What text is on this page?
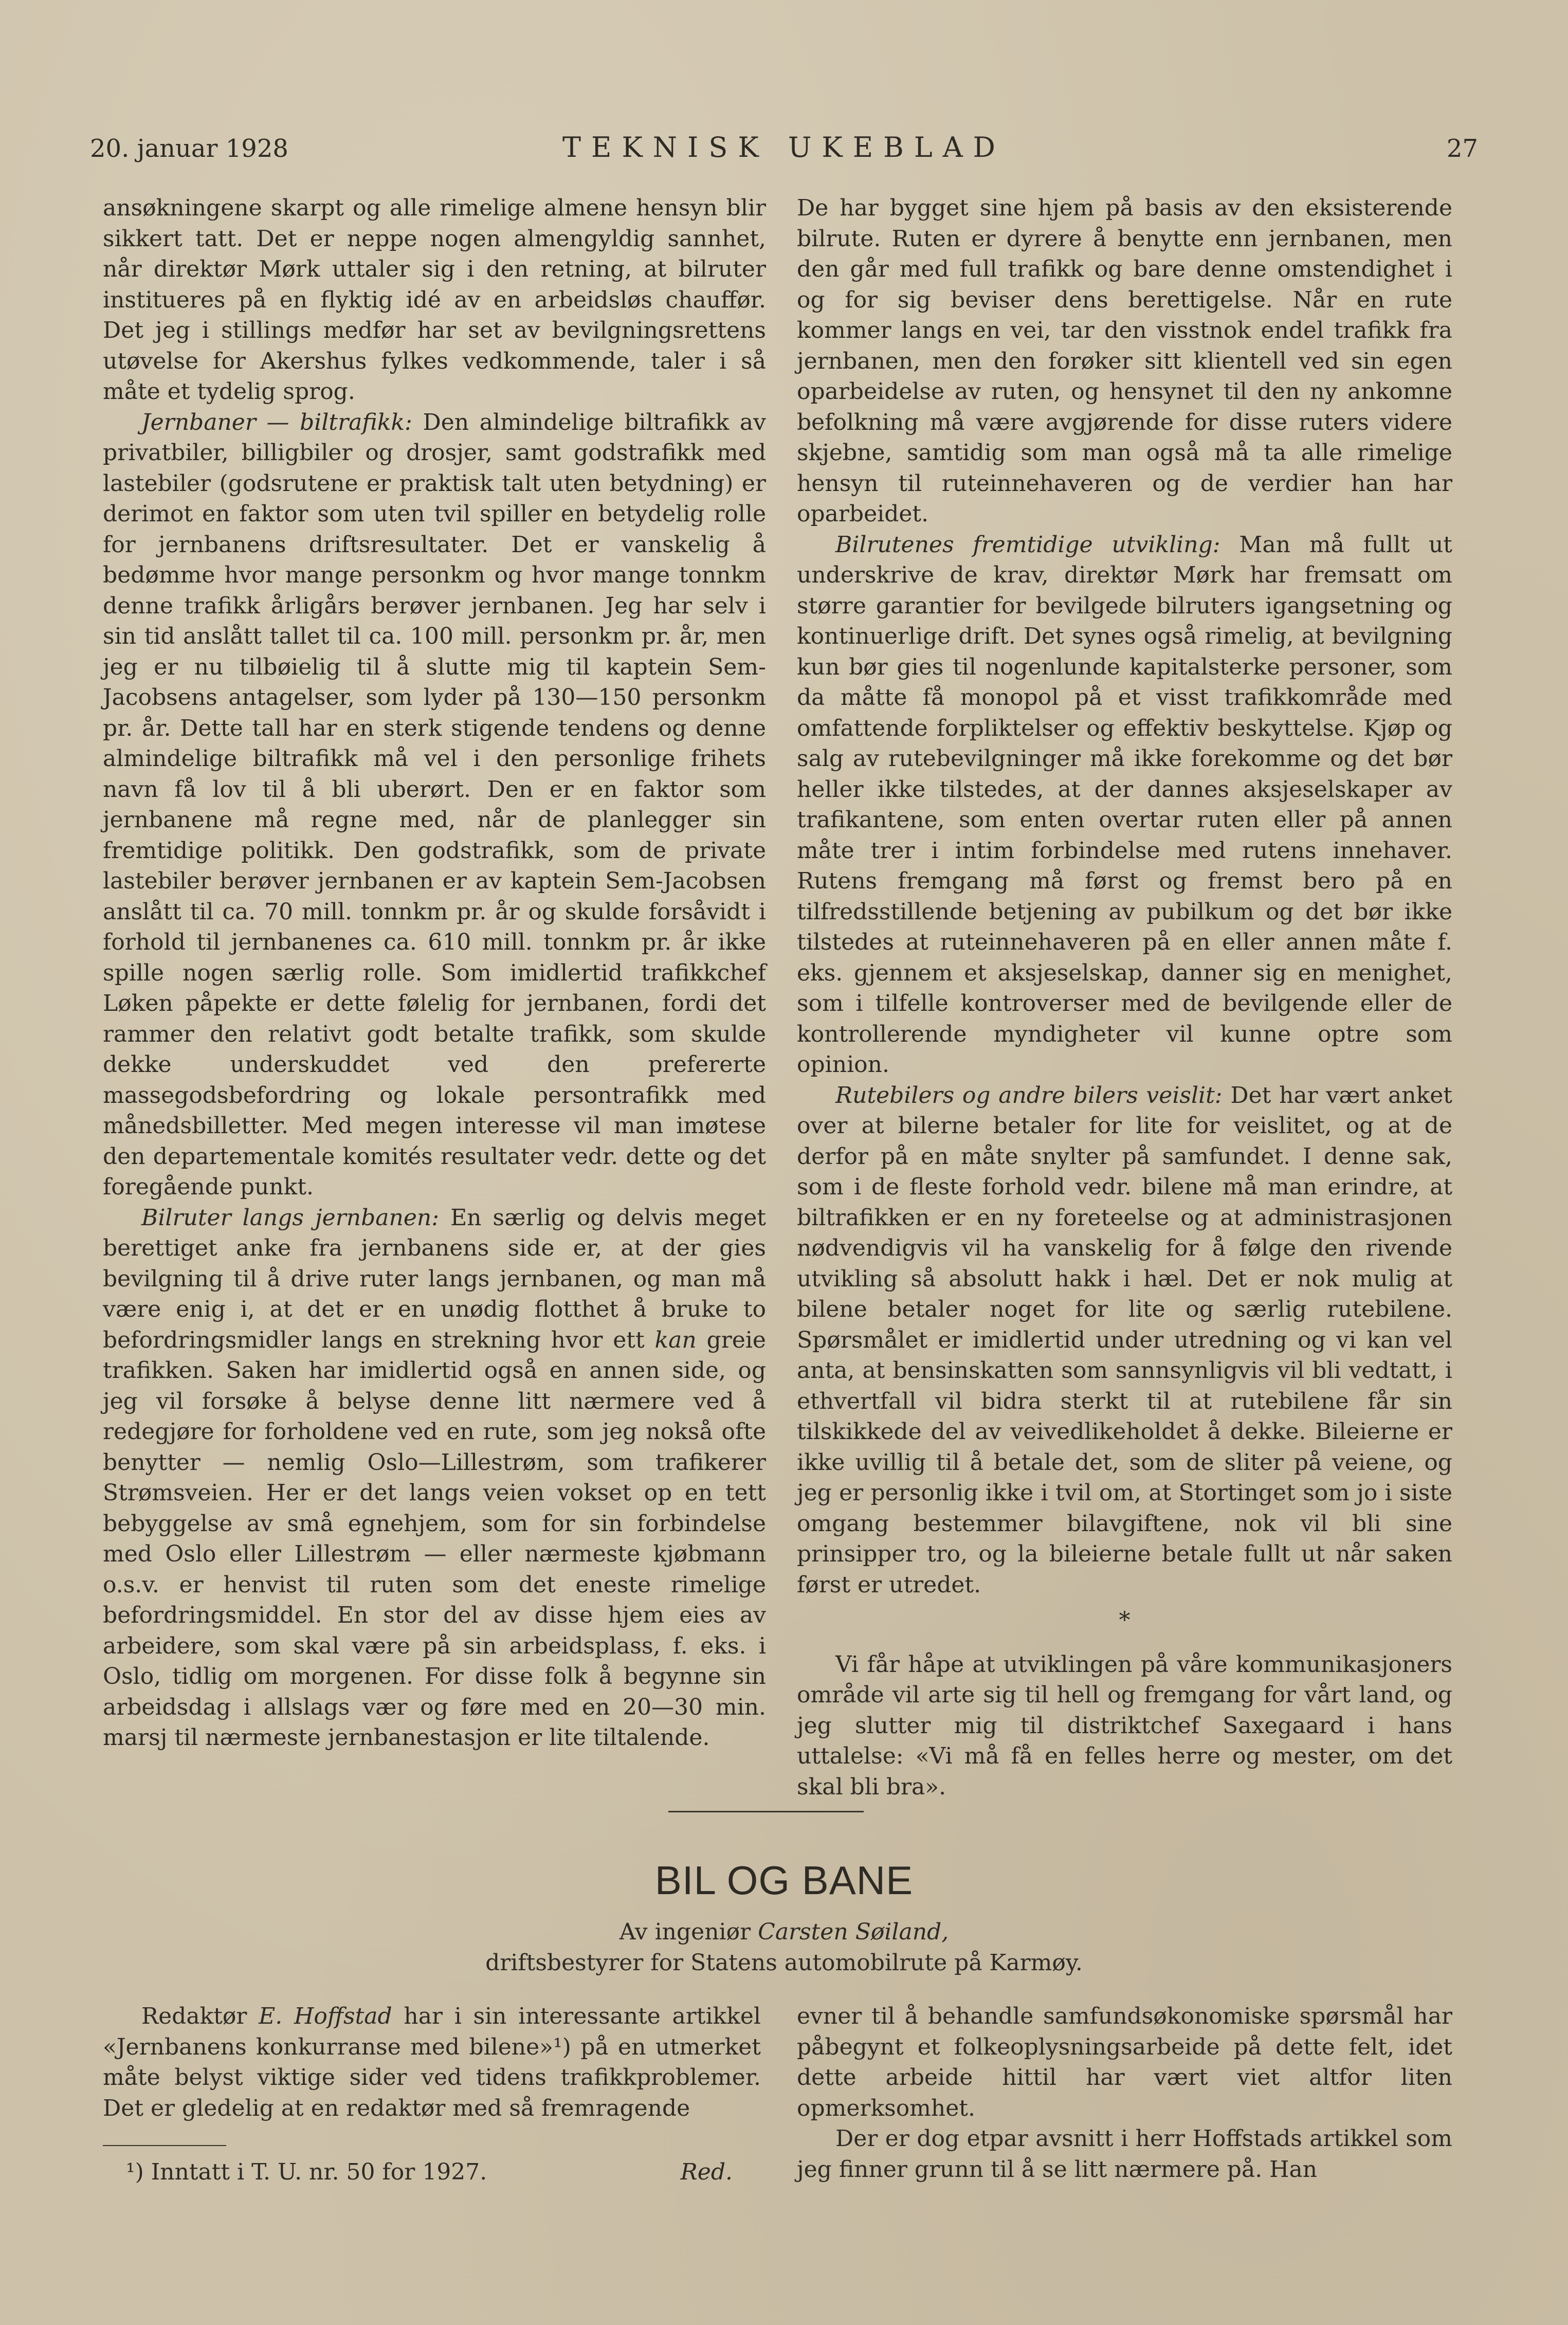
20. januar 1928	TEKNISK UKEBLAD	27

ansøkningene skarpt og alle rimelige almene hensyn blir sikkert tatt. Det er neppe nogen almengyldig sannhet, når direktør Mørk uttaler sig i den retning, at bilruter institueres på en flyktig idé av en arbeidsløs chauffør. Det jeg i stillings medfør har set av bevilgningsrettens utøvelse for Akershus fylkes vedkommende, taler i så måte et tydelig sprog.

Jernbaner — biltrafikk: Den almindelige biltrafikk av privatbiler, billigbiler og drosjer, samt godstrafikk med lastebiler (godsrutene er praktisk talt uten betydning) er derimot en faktor som uten tvil spiller en betydelig rolle for jernbanens driftsresultater. Det er vanskelig å bedømme hvor mange personkm og hvor mange tonnkm denne trafikk årligårs berøver jernbanen. Jeg har selv i sin tid anslått tallet til ca. 100 mill. personkm pr. år, men jeg er nu tilbøielig til å slutte mig til kaptein Sem-Jacobsens antagelser, som lyder på 130—150 personkm pr. år. Dette tall har en sterk stigende tendens og denne almindelige biltrafikk må vel i den personlige frihets navn få lov til å bli uberørt. Den er en faktor som jernbanene må regne med, når de planlegger sin fremtidige politikk. Den godstrafikk, som de private lastebiler berøver jernbanen er av kaptein Sem-Jacobsen anslått til ca. 70 mill. tonnkm pr. år og skulde forsåvidt i forhold til jernbanenes ca. 610 mill. tonnkm pr. år ikke spille nogen særlig rolle. Som imidlertid trafikkchef Løken påpekte er dette følelig for jernbanen, fordi det rammer den relativt godt betalte trafikk, som skulde dekke underskuddet ved den prefererte massegodsbefordring og lokale persontrafikk med månedsbilletter. Med megen interesse vil man imøtese den departementale komités resultater vedr. dette og det foregående punkt.

Bilruter langs jernbanen: En særlig og delvis meget berettiget anke fra jernbanens side er, at der gies bevilgning til å drive ruter langs jernbanen, og man må være enig i, at det er en unødig flotthet å bruke to befordringsmidler langs en strekning hvor ett kan greie trafikken. Saken har imidlertid også en annen side, og jeg vil forsøke å belyse denne litt nærmere ved å redegjøre for forholdene ved en rute, som jeg nokså ofte benytter — nemlig Oslo—Lillestrøm, som trafikerer Strømsveien. Her er det langs veien vokset op en tett bebyggelse av små egnehjem, som for sin forbindelse med Oslo eller Lillestrøm — eller nærmeste kjøbmann o.s.v. er henvist til ruten som det eneste rimelige befordringsmiddel. En stor del av disse hjem eies av arbeidere, som skal være på sin arbeidsplass, f. eks. i Oslo, tidlig om morgenen. For disse folk å begynne sin arbeidsdag i allslags vær og føre med en 20—30 min. marsj til nærmeste jernbanestasjon er lite tiltalende.

De har bygget sine hjem på basis av den eksisterende bilrute. Ruten er dyrere å benytte enn jernbanen, men den går med full trafikk og bare denne omstendighet i og for sig beviser dens berettigelse. Når en rute kommer langs en vei, tar den visstnok endel trafikk fra jernbanen, men den forøker sitt klientell ved sin egen oparbeidelse av ruten, og hensynet til den ny ankomne befolkning må være avgjørende for disse ruters videre skjebne, samtidig som man også må ta alle rimelige hensyn til ruteinnehaveren og de verdier han har oparbeidet.

Bilrutenes fremtidige utvikling: Man må fullt ut underskrive de krav, direktør Mørk har fremsatt om større garantier for bevilgede bilruters igangsetning og kontinuerlige drift. Det synes også rimelig, at bevilgning kun bør gies til nogenlunde kapitalsterke personer, som da måtte få monopol på et visst trafikkområde med omfattende forpliktelser og effektiv beskyttelse. Kjøp og salg av rutebevilgninger må ikke forekomme og det bør heller ikke tilstedes, at der dannes aksjeselskaper av trafikantene, som enten overtar ruten eller på annen måte trer i intim forbindelse med rutens innehaver. Rutens fremgang må først og fremst bero på en tilfredsstillende betjening av pubilkum og det bør ikke tilstedes at ruteinnehaveren på en eller annen måte f. eks. gjennem et aksjeselskap, danner sig en menighet, som i tilfelle kontroverser med de bevilgende eller de kontrollerende myndigheter vil kunne optre som opinion.

Rutebilers og andre bilers veislit: Det har vært anket over at bilerne betaler for lite for veislitet, og at de derfor på en måte snylter på samfundet. I denne sak, som i de fleste forhold vedr. bilene må man erindre, at biltrafikken er en ny foreteelse og at administrasjonen nødvendigvis vil ha vanskelig for å følge den rivende utvikling så absolutt hakk i hæl. Det er nok mulig at bilene betaler noget for lite og særlig rutebilene. Spørsmålet er imidlertid under utredning og vi kan vel anta, at bensinskatten som sannsynligvis vil bli vedtatt, i ethvertfall vil bidra sterkt til at rutebilene får sin tilskikkede del av veivedlikeholdet å dekke. Bileierne er ikke uvillig til å betale det, som de sliter på veiene, og jeg er personlig ikke i tvil om, at Stortinget som jo i siste omgang bestemmer bilavgiftene, nok vil bli sine prinsipper tro, og la bileierne betale fullt ut når saken først er utredet.

*

Vi får håpe at utviklingen på våre kommunikasjoners område vil arte sig til hell og fremgang for vårt land, og jeg slutter mig til distriktchef Saxegaard i hans uttalelse: «Vi må få en felles herre og mester, om det skal bli bra».

BIL OG BANE
Av ingeniør Carsten Søiland,
driftsbestyrer for Statens automobilrute på Karmøy.

Redaktør E. Hoffstad har i sin interessante artikkel «Jernbanens konkurranse med bilene»¹) på en utmerket måte belyst viktige sider ved tidens trafikkproblemer. Det er gledelig at en redaktør med så fremragende

evner til å behandle samfundsøkonomiske spørsmål har påbegynt et folkeoplysningsarbeide på dette felt, idet dette arbeide hittil har vært viet altfor liten opmerksomhet.

Der er dog etpar avsnitt i herr Hoffstads artikkel som jeg finner grunn til å se litt nærmere på. Han

¹) Inntatt i T. U. nr. 50 for 1927.	Red.
